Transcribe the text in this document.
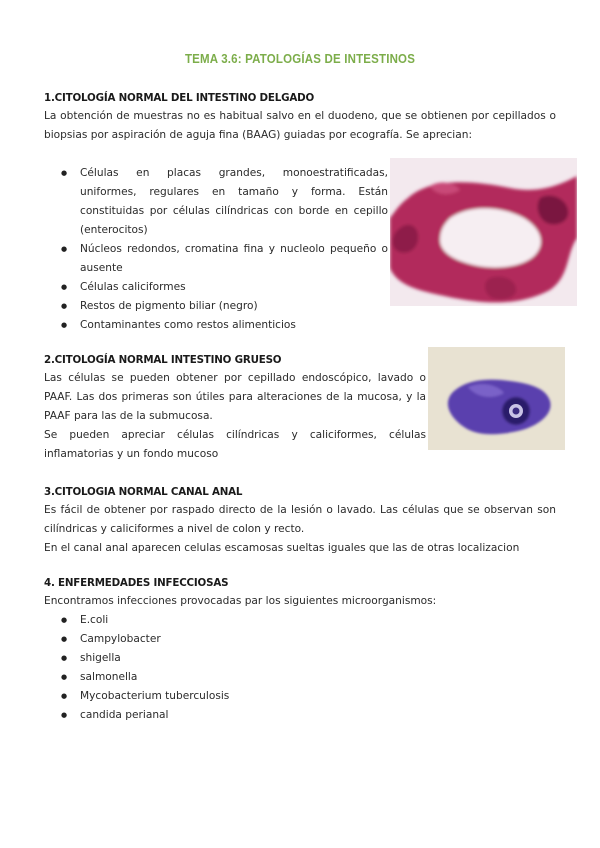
TEMA 3.6: PATOLOGÍAS DE INTESTINOS
1.CITOLOGÍA NORMAL DEL INTESTINO DELGADO
La obtención de muestras no es habitual salvo en el duodeno, que se obtienen por cepillados o biopsias por aspiración de aguja fina (BAAG) guiadas por ecografía. Se aprecian:
● Células en placas grandes, monoestratificadas, uniformes, regulares en tamaño y forma. Están constituidas por células cilíndricas con borde en cepillo (enterocitos)
● Núcleos redondos, cromatina fina y nucleolo pequeño o ausente
● Células caliciformes
● Restos de pigmento biliar (negro)
● Contaminantes como restos alimenticios
2.CITOLOGÍA NORMAL INTESTINO GRUESO
Las células se pueden obtener por cepillado endoscópico, lavado o PAAF. Las dos primeras son útiles para alteraciones de la mucosa, y la PAAF para las de la submucosa.
Se pueden apreciar células cilíndricas y caliciformes, células inflamatorias y un fondo mucoso
3.CITOLOGIA NORMAL CANAL ANAL
Es fácil de obtener por raspado directo de la lesión o lavado. Las células que se observan son cilíndricas y caliciformes a nivel de colon y recto.
En el canal anal aparecen celulas escamosas sueltas iguales que las de otras localizacion
4. ENFERMEDADES INFECCIOSAS
Encontramos infecciones provocadas par los siguientes microorganismos:
● E.coli
● Campylobacter
● shigella
● salmonella
● Mycobacterium tuberculosis
● candida perianal
